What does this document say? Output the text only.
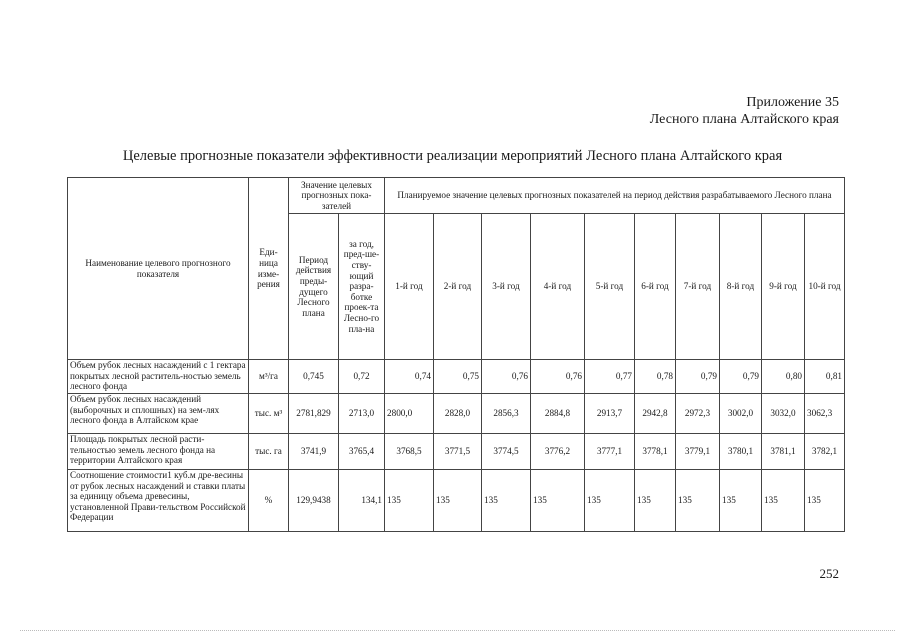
Приложение 35
Лесного плана Алтайского края
Целевые прогнозные показатели эффективности реализации мероприятий Лесного плана Алтайского края
Наименование целевого прогнозного показателя	Еди-ница изме-рения	Значение целевых прогнозных пока-зателей		Планируемое значение целевых прогнозных показателей на период действия разрабатываемого Лесного плана									
		Период действия преды-дущего Лесного плана	за год, пред-ше-ству-ющий разра-ботке проек-та Лесно-го пла-на	1-й год	2-й год	3-й год	4-й год	5-й год	6-й год	7-й год	8-й год	9-й год	10-й год
Объем рубок лесных насаждений с 1 гектара покрытых лесной раститель-ностью земель лесного фонда	м³/га	0,745	0,72	0,74	0,75	0,76	0,76	0,77	0,78	0,79	0,79	0,80	0,81
Объем рубок лесных насаждений (выборочных и сплошных) на зем-лях лесного фонда в Алтайском крае	тыс. м³	2781,829	2713,0	2800,0	2828,0	2856,3	2884,8	2913,7	2942,8	2972,3	3002,0	3032,0	3062,3
Площадь покрытых лесной расти-тельностью земель лесного фонда на территории Алтайского края	тыс. га	3741,9	3765,4	3768,5	3771,5	3774,5	3776,2	3777,1	3778,1	3779,1	3780,1	3781,1	3782,1
Соотношение стоимости1 куб.м дре-весины от рубок лесных насаждений и ставки платы за единицу объема древесины, установленной Прави-тельством Российской Федерации	%	129,9438	134,1	135	135	135	135	135	135	135	135	135	135
252
